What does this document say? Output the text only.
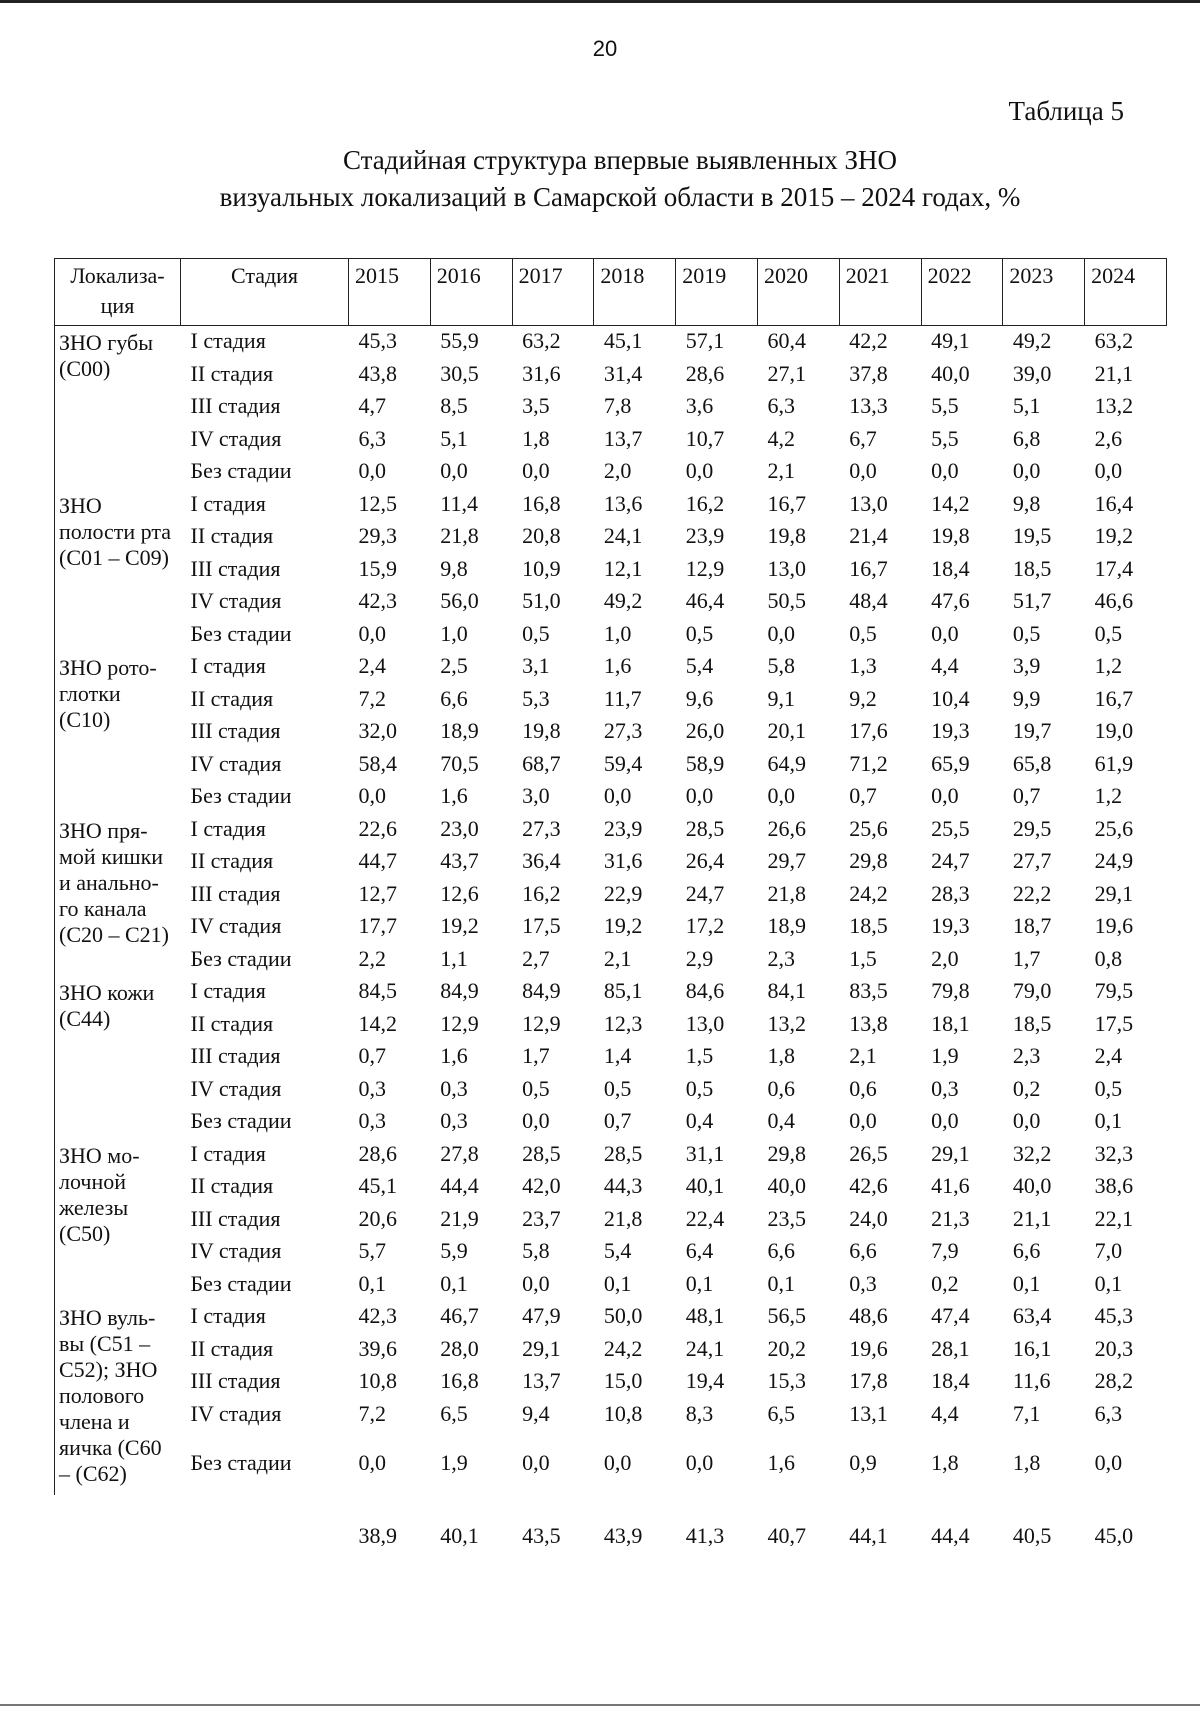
20
Таблица 5
Стадийная структура впервые выявленных ЗНО
визуальных локализаций в Самарской области в 2015 – 2024 годах, %
Локализа-ция	Стадия	2015	2016	2017	2018	2019	2020	2021	2022	2023	2024
ЗНО губы (С00)	I стадия	45,3	55,9	63,2	45,1	57,1	60,4	42,2	49,1	49,2	63,2
	II стадия	43,8	30,5	31,6	31,4	28,6	27,1	37,8	40,0	39,0	21,1
	III стадия	4,7	8,5	3,5	7,8	3,6	6,3	13,3	5,5	5,1	13,2
	IV стадия	6,3	5,1	1,8	13,7	10,7	4,2	6,7	5,5	6,8	2,6
	Без стадии	0,0	0,0	0,0	2,0	0,0	2,1	0,0	0,0	0,0	0,0
ЗНО полости рта (С01 – С09)	I стадия	12,5	11,4	16,8	13,6	16,2	16,7	13,0	14,2	9,8	16,4
	II стадия	29,3	21,8	20,8	24,1	23,9	19,8	21,4	19,8	19,5	19,2
	III стадия	15,9	9,8	10,9	12,1	12,9	13,0	16,7	18,4	18,5	17,4
	IV стадия	42,3	56,0	51,0	49,2	46,4	50,5	48,4	47,6	51,7	46,6
	Без стадии	0,0	1,0	0,5	1,0	0,5	0,0	0,5	0,0	0,5	0,5
ЗНО рото-глотки (С10)	I стадия	2,4	2,5	3,1	1,6	5,4	5,8	1,3	4,4	3,9	1,2
	II стадия	7,2	6,6	5,3	11,7	9,6	9,1	9,2	10,4	9,9	16,7
	III стадия	32,0	18,9	19,8	27,3	26,0	20,1	17,6	19,3	19,7	19,0
	IV стадия	58,4	70,5	68,7	59,4	58,9	64,9	71,2	65,9	65,8	61,9
	Без стадии	0,0	1,6	3,0	0,0	0,0	0,0	0,7	0,0	0,7	1,2
ЗНО пря-мой кишки и анально-го канала (С20 – С21)	I стадия	22,6	23,0	27,3	23,9	28,5	26,6	25,6	25,5	29,5	25,6
	II стадия	44,7	43,7	36,4	31,6	26,4	29,7	29,8	24,7	27,7	24,9
	III стадия	12,7	12,6	16,2	22,9	24,7	21,8	24,2	28,3	22,2	29,1
	IV стадия	17,7	19,2	17,5	19,2	17,2	18,9	18,5	19,3	18,7	19,6
	Без стадии	2,2	1,1	2,7	2,1	2,9	2,3	1,5	2,0	1,7	0,8
ЗНО кожи (С44)	I стадия	84,5	84,9	84,9	85,1	84,6	84,1	83,5	79,8	79,0	79,5
	II стадия	14,2	12,9	12,9	12,3	13,0	13,2	13,8	18,1	18,5	17,5
	III стадия	0,7	1,6	1,7	1,4	1,5	1,8	2,1	1,9	2,3	2,4
	IV стадия	0,3	0,3	0,5	0,5	0,5	0,6	0,6	0,3	0,2	0,5
	Без стадии	0,3	0,3	0,0	0,7	0,4	0,4	0,0	0,0	0,0	0,1
ЗНО мо-лочной железы (С50)	I стадия	28,6	27,8	28,5	28,5	31,1	29,8	26,5	29,1	32,2	32,3
	II стадия	45,1	44,4	42,0	44,3	40,1	40,0	42,6	41,6	40,0	38,6
	III стадия	20,6	21,9	23,7	21,8	22,4	23,5	24,0	21,3	21,1	22,1
	IV стадия	5,7	5,9	5,8	5,4	6,4	6,6	6,6	7,9	6,6	7,0
	Без стадии	0,1	0,1	0,0	0,1	0,1	0,1	0,3	0,2	0,1	0,1
ЗНО вуль-вы (С51 – С52); ЗНО полового члена и яичка (С60 – (С62)	I стадия	42,3	46,7	47,9	50,0	48,1	56,5	48,6	47,4	63,4	45,3
	II стадия	39,6	28,0	29,1	24,2	24,1	20,2	19,6	28,1	16,1	20,3
	III стадия	10,8	16,8	13,7	15,0	19,4	15,3	17,8	18,4	11,6	28,2
	IV стадия	7,2	6,5	9,4	10,8	8,3	6,5	13,1	4,4	7,1	6,3
	Без стадии	0,0	1,9	0,0	0,0	0,0	1,6	0,9	1,8	1,8	0,0
		38,9	40,1	43,5	43,9	41,3	40,7	44,1	44,4	40,5	45,0
